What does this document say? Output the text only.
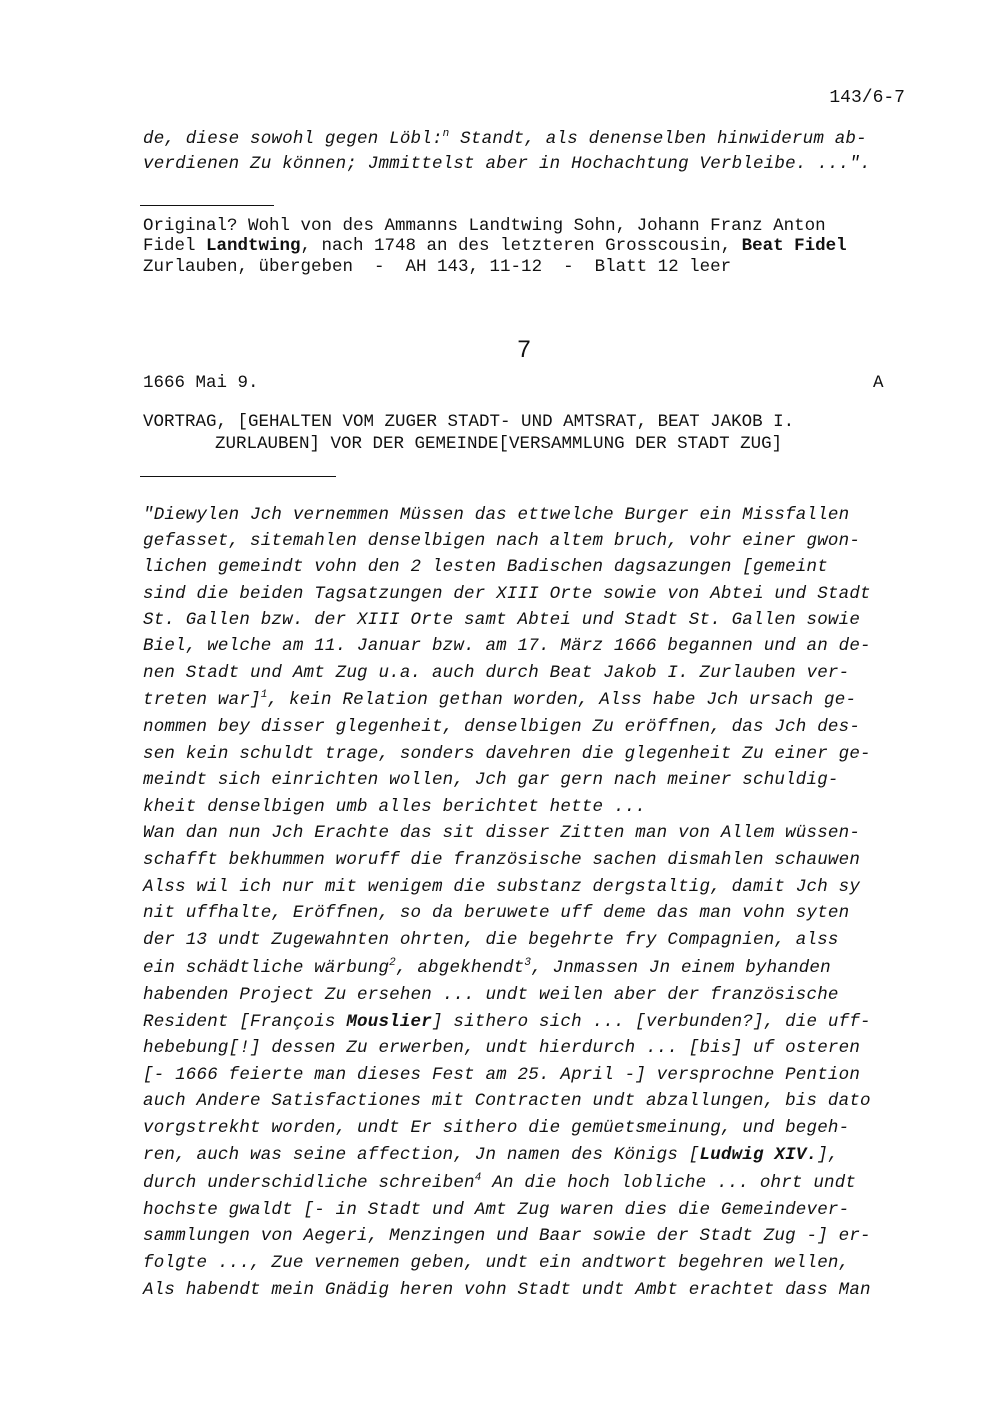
143/6-7
de, diese sowohl gegen Löbl:$^n$ Standt, als denenselben hinwiderum ab-
verdienen Zu können; Jmmittelst aber in Hochachtung Verbleibe. ...".
Original? Wohl von des Ammanns Landtwing Sohn, Johann Franz Anton
Fidel Landtwing, nach 1748 an des letzteren Grosscousin, Beat Fidel
Zurlauben, übergeben  -  AH 143, 11-12  -  Blatt 12 leer
7
1666 Mai 9.	A
VORTRAG, [GEHALTEN VOM ZUGER STADT- UND AMTSRAT, BEAT JAKOB I.
ZURLAUBEN] VOR DER GEMEINDE[VERSAMMLUNG DER STADT ZUG]
"Diewylen Jch vernemmen Müssen das ettwelche Burger ein Missfallen
gefasset, sitemahlen denselbigen nach altem bruch, vohr einer gwon-
lichen gemeindt vohn den 2 lesten Badischen dagsazungen [gemeint
sind die beiden Tagsatzungen der XIII Orte sowie von Abtei und Stadt
St. Gallen bzw. der XIII Orte samt Abtei und Stadt St. Gallen sowie
Biel, welche am 11. Januar bzw. am 17. März 1666 begannen und an de-
nen Stadt und Amt Zug u.a. auch durch Beat Jakob I. Zurlauben ver-
treten war]$^1$, kein Relation gethan worden, Alss habe Jch ursach ge-
nommen bey disser glegenheit, denselbigen Zu eröffnen, das Jch des-
sen kein schuldt trage, sonders davehren die glegenheit Zu einer ge-
meindt sich einrichten wollen, Jch gar gern nach meiner schuldig-
kheit denselbigen umb alles berichtet hette ...
Wan dan nun Jch Erachte das sit disser Zitten man von Allem wüssen-
schafft bekhummen woruff die französische sachen dismahlen schauwen
Alss wil ich nur mit wenigem die substanz dergstaltig, damit Jch sy
nit uffhalte, Eröffnen, so da beruwete uff deme das man vohn syten
der 13 undt Zugewahnten ohrten, die begehrte fry Compagnien, alss
ein schädtliche wärbung$^2$, abgekhendt$^3$, Jnmassen Jn einem byhanden
habenden Project Zu ersehen ... undt weilen aber der französische
Resident [François Mouslier] sithero sich ... [verbunden?], die uff-
hebebung[!] dessen Zu erwerben, undt hierdurch ... [bis] uf osteren
[- 1666 feierte man dieses Fest am 25. April -] versprochne Pention
auch Andere Satisfactiones mit Contracten undt abzallungen, bis dato
vorgstrekht worden, undt Er sithero die gemüetsmeinung, und begeh-
ren, auch was seine affection, Jn namen des Königs [Ludwig XIV.],
durch underschidliche schreiben$^4$ An die hoch lobliche ... ohrt undt
hochste gwaldt [- in Stadt und Amt Zug waren dies die Gemeindever-
sammlungen von Aegeri, Menzingen und Baar sowie der Stadt Zug -] er-
folgte ..., Zue vernemen geben, undt ein andtwort begehren wellen,
Als habendt mein Gnädig heren vohn Stadt undt Ambt erachtet dass Man
